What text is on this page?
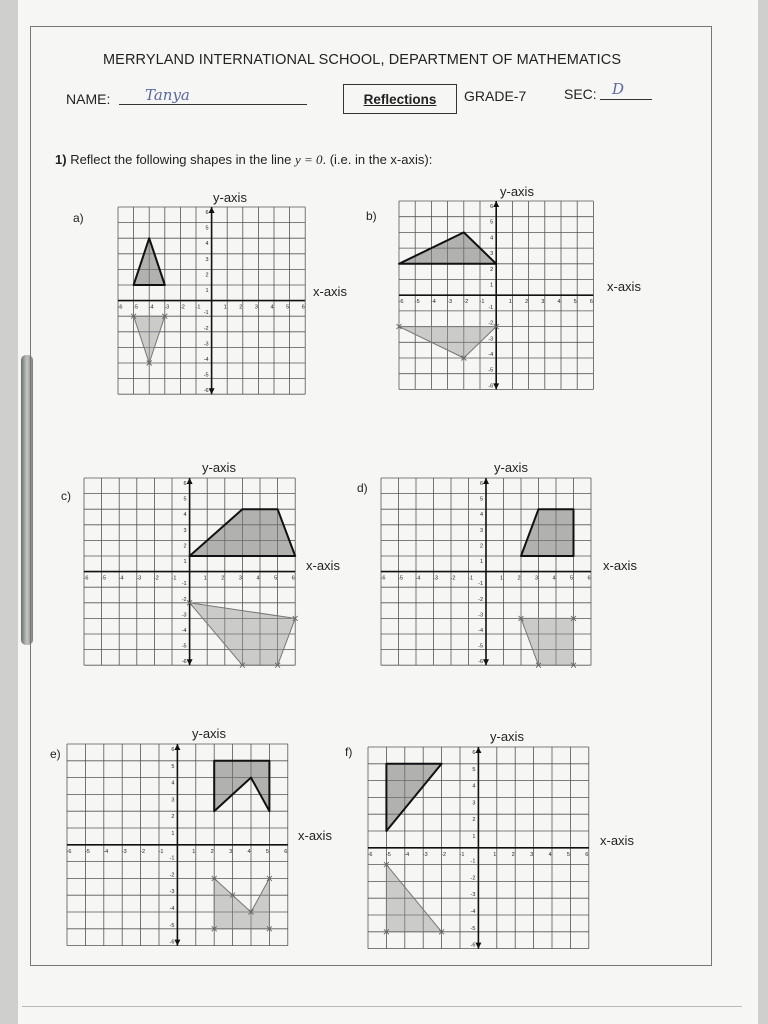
MERRYLAND INTERNATIONAL SCHOOL, DEPARTMENT OF MATHEMATICS
NAME: Tanya	Reflections GRADE-7	SEC: D
1) Reflect the following shapes in the line y = 0. (i.e. in the x-axis):
a)
y-axis
x-axis
-6 -5 -4 -3 -2 -1	1 2 3 4 5 6
6
5
4
3
2
1
-1
-2
-3
-4
-5
-6
b)
y-axis
x-axis
-6 -5 -4 -3 -2 -1	1 2 3 4 5 6
6
5
4
3
2
1
-1
-2
-3
-4
-5
-6
c)
y-axis
x-axis
-6 -5 -4 -3 -2 -1	1	2	3	4	5	6
6
5
4
3
2
1
-1
-2
-3
-4
-5
-6
d)
y-axis
x-axis
-6 -5 -4 -3 -2 -1	1	2	3	4	5	6
6
5
4
3
2
1
-1
-2
-3
-4
-5
-6
e)
y-axis
x-axis
-6 -5 -4 -3 -2 -1	1	2	3	4	5	6
6
5
4
3
2
1
-1
-2
-3
-4
-5
-6
f)
y-axis
x-axis
-6 -5 -4 -3 -2 -1	1	2	3	4	5	6
6
5
4
3
2
1
-1
-2
-3
-4
-5
-6
